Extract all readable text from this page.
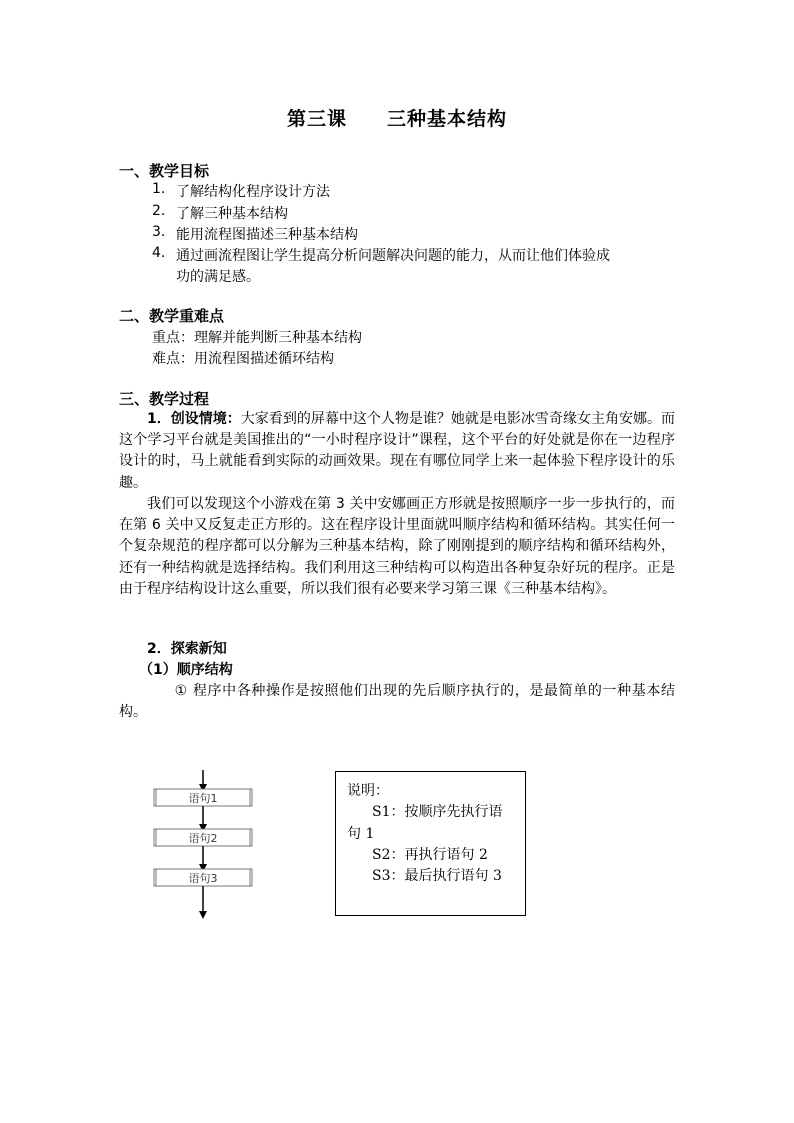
第三课 三种基本结构
一、教学目标
1. 了解结构化程序设计方法
2. 了解三种基本结构
3. 能用流程图描述三种基本结构
4. 通过画流程图让学生提高分析问题解决问题的能力，从而让他们体验成
功的满足感。
二、教学重难点
重点：理解并能判断三种基本结构
难点：用流程图描述循环结构
三、教学过程
1．创设情境：大家看到的屏幕中这个人物是谁？她就是电影冰雪奇缘女主角安娜。而这个学习平台就是美国推出的“一小时程序设计”课程，这个平台的好处就是你在一边程序设计的时，马上就能看到实际的动画效果。现在有哪位同学上来一起体验下程序设计的乐趣。
我们可以发现这个小游戏在第 3 关中安娜画正方形就是按照顺序一步一步执行的，而在第 6 关中又反复走正方形的。这在程序设计里面就叫顺序结构和循环结构。其实任何一个复杂规范的程序都可以分解为三种基本结构，除了刚刚提到的顺序结构和循环结构外，还有一种结构就是选择结构。我们利用这三种结构可以构造出各种复杂好玩的程序。正是由于程序结构设计这么重要，所以我们很有必要来学习第三课《三种基本结构》。
2．探索新知
（1）顺序结构
① 程序中各种操作是按照他们出现的先后顺序执行的，是最简单的一种基本结构。
语句1
语句2
语句3
说明：
S1：按顺序先执行语
句 1
S2：再执行语句 2
S3：最后执行语句 3
